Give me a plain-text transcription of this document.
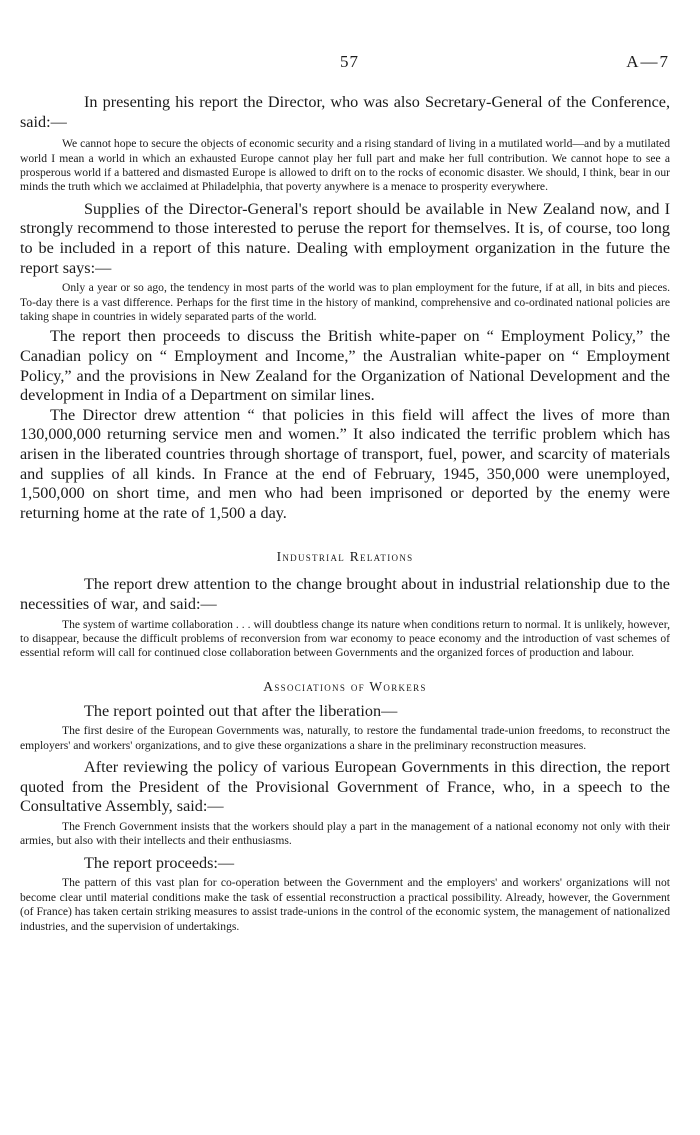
57	A—7

In presenting his report the Director, who was also Secretary-General of the Conference, said:—

We cannot hope to secure the objects of economic security and a rising standard of living in a mutilated world—and by a mutilated world I mean a world in which an exhausted Europe cannot play her full part and make her full contribution. We cannot hope to see a prosperous world if a battered and dismasted Europe is allowed to drift on to the rocks of economic disaster. We should, I think, bear in our minds the truth which we acclaimed at Philadelphia, that poverty anywhere is a menace to prosperity everywhere.

Supplies of the Director-General's report should be available in New Zealand now, and I strongly recommend to those interested to peruse the report for themselves. It is, of course, too long to be included in a report of this nature. Dealing with employment organization in the future the report says:—

Only a year or so ago, the tendency in most parts of the world was to plan employment for the future, if at all, in bits and pieces. To-day there is a vast difference. Perhaps for the first time in the history of mankind, comprehensive and co-ordinated national policies are taking shape in countries in widely separated parts of the world.

The report then proceeds to discuss the British white-paper on “ Employment Policy,” the Canadian policy on “ Employment and Income,” the Australian white-paper on “ Employment Policy,” and the provisions in New Zealand for the Organization of National Development and the development in India of a Department on similar lines.

The Director drew attention “ that policies in this field will affect the lives of more than 130,000,000 returning service men and women.” It also indicated the terrific problem which has arisen in the liberated countries through shortage of transport, fuel, power, and scarcity of materials and supplies of all kinds. In France at the end of February, 1945, 350,000 were unemployed, 1,500,000 on short time, and men who had been imprisoned or deported by the enemy were returning home at the rate of 1,500 a day.

Industrial Relations

The report drew attention to the change brought about in industrial relationship due to the necessities of war, and said:—

The system of wartime collaboration . . . will doubtless change its nature when conditions return to normal. It is unlikely, however, to disappear, because the difficult problems of reconversion from war economy to peace economy and the introduction of vast schemes of essential reform will call for continued close collaboration between Governments and the organized forces of production and labour.

Associations of Workers

The report pointed out that after the liberation—

The first desire of the European Governments was, naturally, to restore the fundamental trade-union freedoms, to reconstruct the employers' and workers' organizations, and to give these organizations a share in the preliminary reconstruction measures.

After reviewing the policy of various European Governments in this direction, the report quoted from the President of the Provisional Government of France, who, in a speech to the Consultative Assembly, said:—

The French Government insists that the workers should play a part in the management of a national economy not only with their armies, but also with their intellects and their enthusiasms.

The report proceeds:—

The pattern of this vast plan for co-operation between the Government and the employers' and workers' organizations will not become clear until material conditions make the task of essential reconstruction a practical possibility. Already, however, the Government (of France) has taken certain striking measures to assist trade-unions in the control of the economic system, the management of nationalized industries, and the supervision of undertakings.
